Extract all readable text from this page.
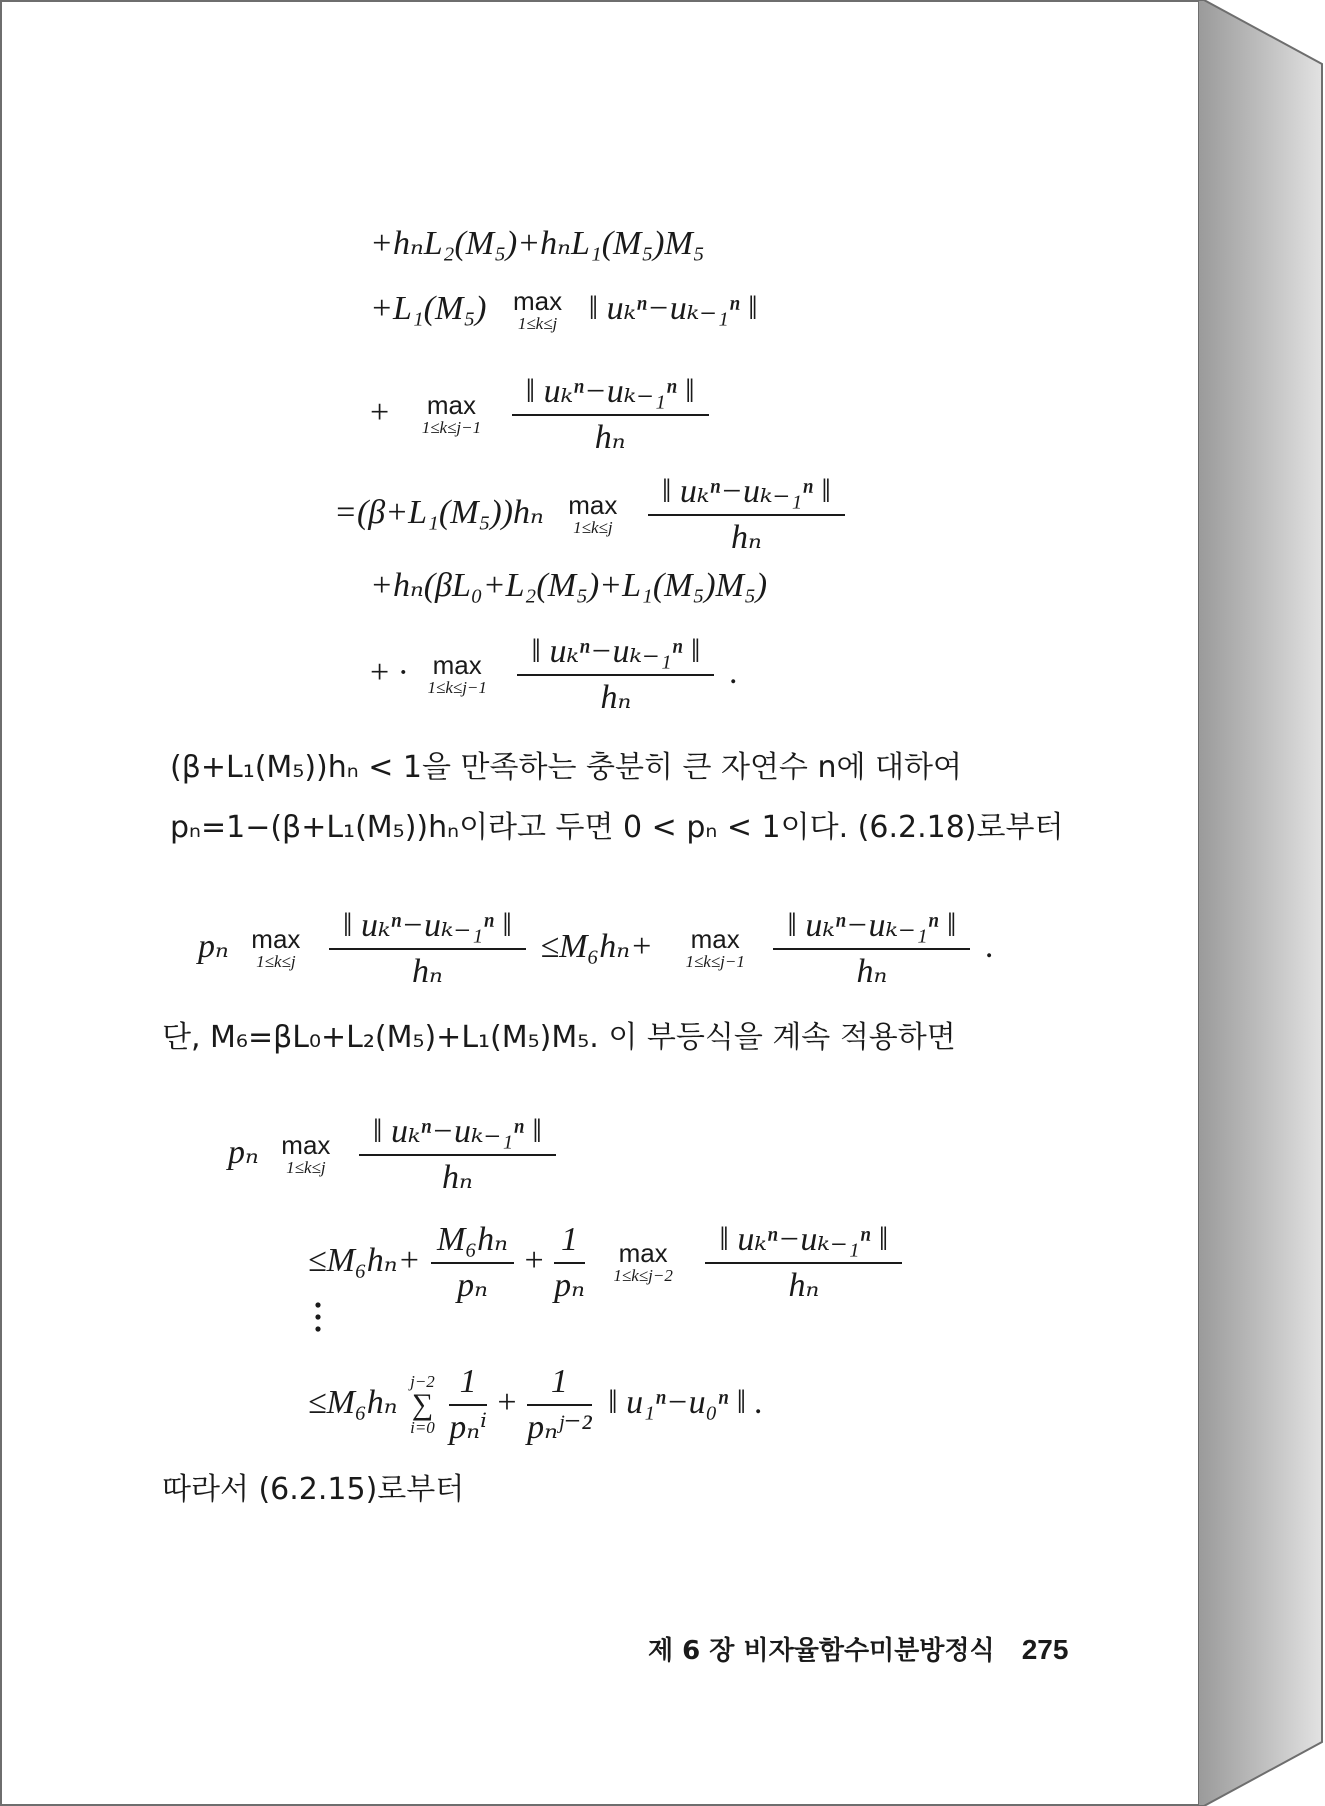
+hₙL₂(M₅)+hₙL₁(M₅)M₅
+L₁(M₅) max
1≤k≤j ‖ uₖⁿ−uₖ₋₁ⁿ ‖
+ max
1≤k≤j−1
$\frac{\text{‖ uₖⁿ−uₖ₋₁ⁿ ‖}}{\text{hₙ}}$
=(β+L₁(M₅))hₙ max
1≤k≤j
$\frac{\text{‖ uₖⁿ−uₖ₋₁ⁿ ‖}}{\text{hₙ}}$
+hₙ(βL₀+L₂(M₅)+L₁(M₅)M₅)
+ · max
1≤k≤j−1
$\frac{\text{‖ uₖⁿ−uₖ₋₁ⁿ ‖}}{\text{hₙ}}$ .
(β+L₁(M₅))hₙ < 1을 만족하는 충분히 큰 자연수 n에 대하여
pₙ=1−(β+L₁(M₅))hₙ이라고 두면 0 < pₙ < 1이다. (6.2.18)로부터
pₙ max
1≤k≤j
$\frac{\text{‖ uₖⁿ−uₖ₋₁ⁿ ‖}}{\text{hₙ}} \le M_6h_n+ \max$
1≤k≤j−1
$\frac{\text{‖ uₖⁿ−uₖ₋₁ⁿ ‖}}{\text{hₙ}}$ .
단, M₆=βL₀+L₂(M₅)+L₁(M₅)M₅. 이 부등식을 계속 적용하면
pₙ max
1≤k≤j
$\frac{\text{‖ uₖⁿ−uₖ₋₁ⁿ ‖}}{\text{hₙ}}$
$\le M_6h_n+ \frac{\text{M₆hₙ}}{\text{pₙ}} + \frac{1}{\text{pₙ}}$
max
1≤k≤j−2
$\frac{\text{‖ uₖⁿ−uₖ₋₁ⁿ ‖}}{\text{hₙ}}$
≤M₆hₙ
j−2
∑
i=0
$\frac{1}{\text{pₙⁱ}} + \frac{1}{\text{pₙʲ⁻²}}$ ‖ u₁ⁿ−u₀ⁿ ‖ .
따라서 (6.2.15)로부터
제 6 장 비자율함수미분방정식 275
